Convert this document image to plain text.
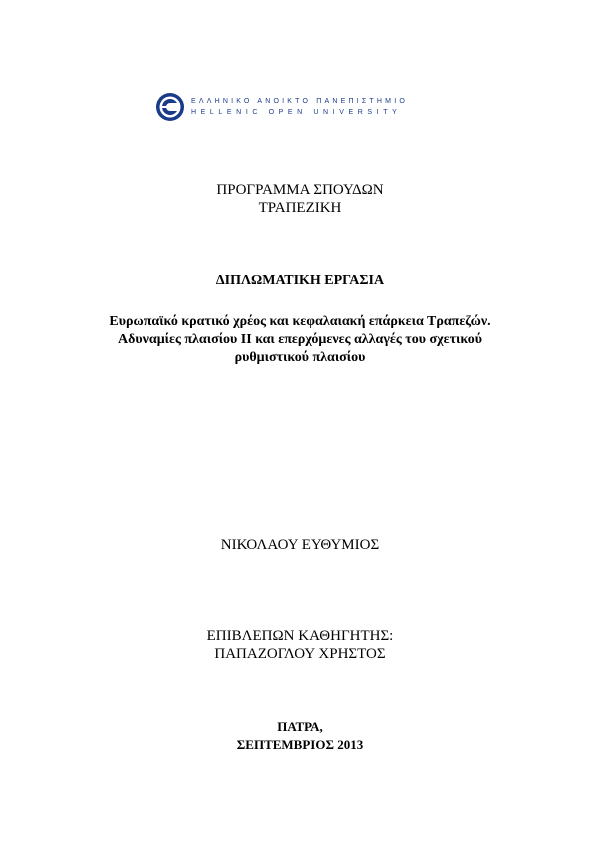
ΕΛΛΗΝΙΚΟ ΑΝΟΙΚΤΟ ΠΑΝΕΠΙΣΤΗΜΙΟ
HELLENIC OPEN UNIVERSITY
ΠΡΟΓΡΑΜΜΑ ΣΠΟΥΔΩΝ
ΤΡΑΠΕΖΙΚΗ
ΔΙΠΛΩΜΑΤΙΚΗ ΕΡΓΑΣΙΑ
Ευρωπαϊκό κρατικό χρέος και κεφαλαιακή επάρκεια Τραπεζών.
Αδυναμίες πλαισίου ΙΙ και επερχόμενες αλλαγές του σχετικού
ρυθμιστικού πλαισίου
ΝΙΚΟΛΑΟΥ ΕΥΘΥΜΙΟΣ
ΕΠΙΒΛΕΠΩΝ ΚΑΘΗΓΗΤΗΣ:
ΠΑΠΑΖΟΓΛΟΥ ΧΡΗΣΤΟΣ
ΠΑΤΡΑ,
ΣΕΠΤΕΜΒΡΙΟΣ 2013
